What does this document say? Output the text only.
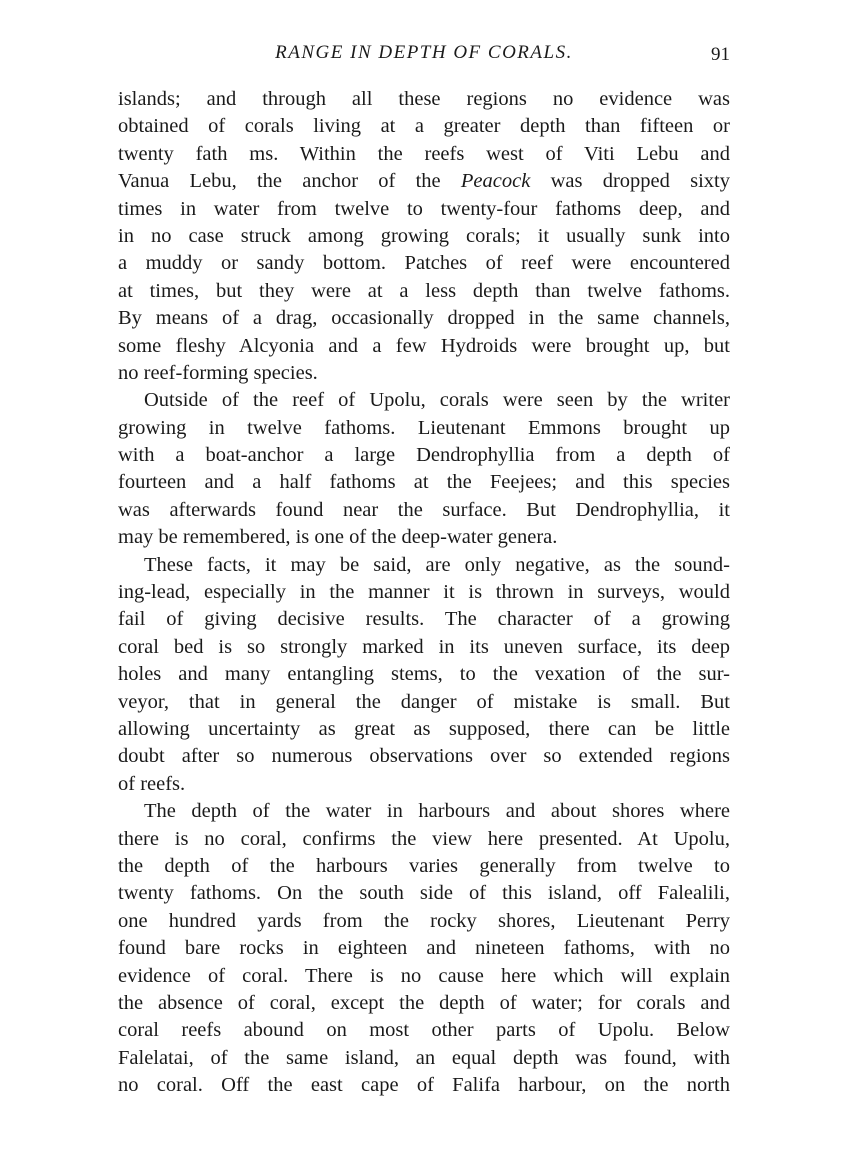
RANGE IN DEPTH OF CORALS.	91
islands; and through all these regions no evidence was
obtained of corals living at a greater depth than fifteen or
twenty fath ms. Within the reefs west of Viti Lebu and
Vanua Lebu, the anchor of the Peacock was dropped sixty
times in water from twelve to twenty-four fathoms deep, and
in no case struck among growing corals; it usually sunk into
a muddy or sandy bottom. Patches of reef were encountered
at times, but they were at a less depth than twelve fathoms.
By means of a drag, occasionally dropped in the same channels,
some fleshy Alcyonia and a few Hydroids were brought up, but
no reef-forming species.
Outside of the reef of Upolu, corals were seen by the writer
growing in twelve fathoms. Lieutenant Emmons brought up
with a boat-anchor a large Dendrophyllia from a depth of
fourteen and a half fathoms at the Feejees; and this species
was afterwards found near the surface. But Dendrophyllia, it
may be remembered, is one of the deep-water genera.
These facts, it may be said, are only negative, as the sound-
ing-lead, especially in the manner it is thrown in surveys, would
fail of giving decisive results. The character of a growing
coral bed is so strongly marked in its uneven surface, its deep
holes and many entangling stems, to the vexation of the sur-
veyor, that in general the danger of mistake is small. But
allowing uncertainty as great as supposed, there can be little
doubt after so numerous observations over so extended regions
of reefs.
The depth of the water in harbours and about shores where
there is no coral, confirms the view here presented. At Upolu,
the depth of the harbours varies generally from twelve to
twenty fathoms. On the south side of this island, off Falealili,
one hundred yards from the rocky shores, Lieutenant Perry
found bare rocks in eighteen and nineteen fathoms, with no
evidence of coral. There is no cause here which will explain
the absence of coral, except the depth of water; for corals and
coral reefs abound on most other parts of Upolu. Below
Falelatai, of the same island, an equal depth was found, with
no coral. Off the east cape of Falifa harbour, on the north
